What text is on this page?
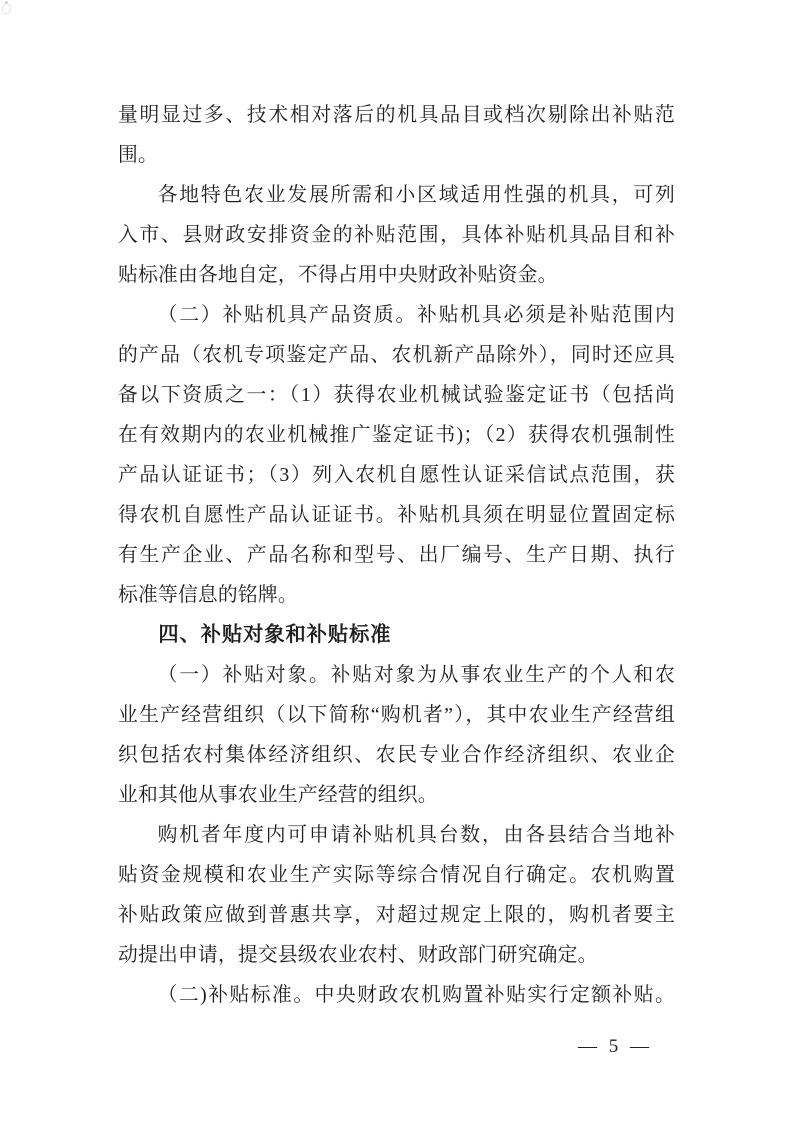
量明显过多、技术相对落后的机具品目或档次剔除出补贴范
围。
各地特色农业发展所需和小区域适用性强的机具，可列
入市、县财政安排资金的补贴范围，具体补贴机具品目和补
贴标准由各地自定，不得占用中央财政补贴资金。
（二）补贴机具产品资质。补贴机具必须是补贴范围内
的产品（农机专项鉴定产品、农机新产品除外），同时还应具
备以下资质之一：（1）获得农业机械试验鉴定证书（包括尚
在有效期内的农业机械推广鉴定证书)；（2）获得农机强制性
产品认证证书；（3）列入农机自愿性认证采信试点范围，获
得农机自愿性产品认证证书。补贴机具须在明显位置固定标
有生产企业、产品名称和型号、出厂编号、生产日期、执行
标准等信息的铭牌。
四、补贴对象和补贴标准
（一）补贴对象。补贴对象为从事农业生产的个人和农
业生产经营组织（以下简称“购机者”），其中农业生产经营组
织包括农村集体经济组织、农民专业合作经济组织、农业企
业和其他从事农业生产经营的组织。
购机者年度内可申请补贴机具台数，由各县结合当地补
贴资金规模和农业生产实际等综合情况自行确定。农机购置
补贴政策应做到普惠共享，对超过规定上限的，购机者要主
动提出申请，提交县级农业农村、财政部门研究确定。
（二)补贴标准。中央财政农机购置补贴实行定额补贴。
— 5 —
